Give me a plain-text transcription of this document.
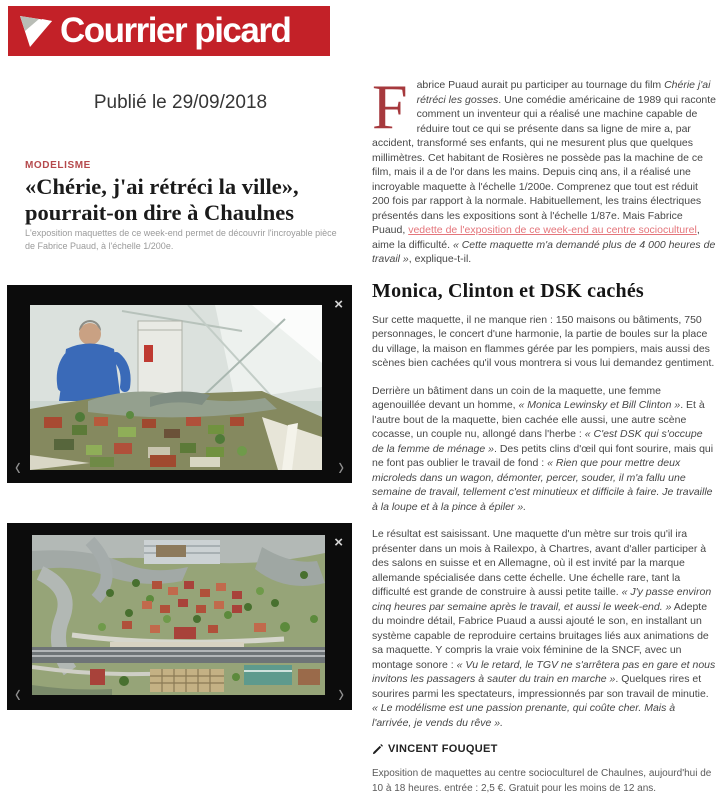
Courrier picard
Publié le 29/09/2018
MODELISME
«Chérie, j'ai rétréci la ville», pourrait-on dire à Chaulnes

L'exposition maquettes de ce week-end permet de découvrir l'incroyable pièce de Fabrice Puaud, à l'échelle 1/200e.

×
‹	›
×
‹	›

Fabrice Puaud aurait pu participer au tournage du film Chérie j'ai rétréci les gosses. Une comédie américaine de 1989 qui raconte comment un inventeur qui a réalisé une machine capable de réduire tout ce qui se présente dans sa ligne de mire a, par accident, transformé ses enfants, qui ne mesurent plus que quelques millimètres. Cet habitant de Rosières ne possède pas la machine de ce film, mais il a de l'or dans les mains. Depuis cinq ans, il a réalisé une incroyable maquette à l'échelle 1/200e. Comprenez que tout est réduit 200 fois par rapport à la normale. Habituellement, les trains électriques présentés dans les expositions sont à l'échelle 1/87e. Mais Fabrice Puaud, vedette de l'exposition de ce week-end au centre socioculturel, aime la difficulté. « Cette maquette m'a demandé plus de 4 000 heures de travail », explique-t-il.

Monica, Clinton et DSK cachés

Sur cette maquette, il ne manque rien : 150 maisons ou bâtiments, 750 personnages, le concert d'une harmonie, la partie de boules sur la place du village, la maison en flammes gérée par les pompiers, mais aussi des scènes bien cachées qu'il vous montrera si vous lui demandez gentiment.

Derrière un bâtiment dans un coin de la maquette, une femme agenouillée devant un homme, « Monica Lewinsky et Bill Clinton ». Et à l'autre bout de la maquette, bien cachée elle aussi, une autre scène cocasse, un couple nu, allongé dans l'herbe : « C'est DSK qui s'occupe de la femme de ménage ». Des petits clins d'œil qui font sourire, mais qui ne font pas oublier le travail de fond : « Rien que pour mettre deux microleds dans un wagon, démonter, percer, souder, il m'a fallu une semaine de travail, tellement c'est minutieux et difficile à faire. Je travaille à la loupe et à la pince à épiler ».

Le résultat est saisissant. Une maquette d'un mètre sur trois qu'il ira présenter dans un mois à Railexpo, à Chartres, avant d'aller participer à des salons en suisse et en Allemagne, où il est invité par la marque allemande spécialisée dans cette échelle. Une échelle rare, tant la difficulté est grande de construire à aussi petite taille. « J'y passe environ cinq heures par semaine après le travail, et aussi le week-end. » Adepte du moindre détail, Fabrice Puaud a aussi ajouté le son, en installant un système capable de reproduire certains bruitages liés aux animations de sa maquette. Y compris la vraie voix féminine de la SNCF, avec un montage sonore : « Vu le retard, le TGV ne s'arrêtera pas en gare et nous invitons les passagers à sauter du train en marche ». Quelques rires et sourires parmi les spectateurs, impressionnés par son travail de minutie. « Le modélisme est une passion prenante, qui coûte cher. Mais à l'arrivée, je vends du rêve ».

VINCENT FOUQUET

Exposition de maquettes au centre socioculturel de Chaulnes, aujourd'hui de 10 à 18 heures. entrée : 2,5 €. Gratuit pour les moins de 12 ans.
